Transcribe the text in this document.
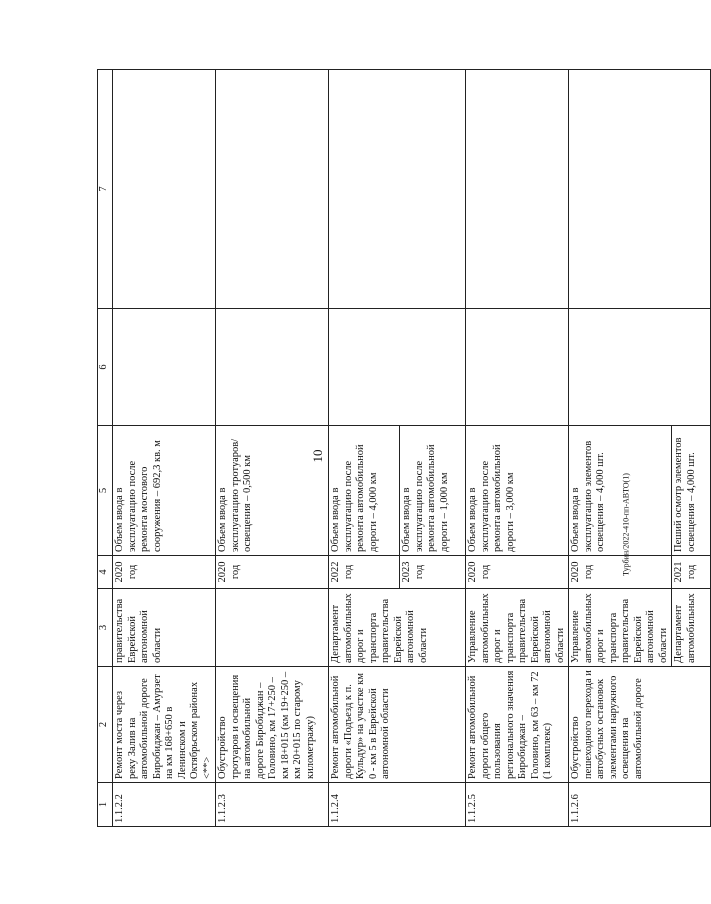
10
Турбин/2022-410-пп-АВТО(1)
1	2	3	4	5	6	7
1.1.2.2	Ремонт моста через реку Залив на автомобильной дороге Биробиджан – Амурзет на км 168+650 в Ленинском и Октябрьском районах <**>	правительства Еврейской автономной области	2020 год	Объем ввода в эксплуатацию после ремонта мостового сооружения – 692,3 кв. м		
1.1.2.3	Обустройство тротуаров и освещения на автомобильной дороге Биробиджан – Головино, км 17+250 – км 18+015 (км 19+250 – км 20+015 по старому километражу)		2020 год	Объем ввода в эксплуатацию тротуаров/освещения – 0,500 км		
1.1.2.4	Ремонт автомобильной дороги «Подъезд к п. Кульдур» на участке км 0 - км 5 в Еврейской автономной области	Департамент автомобильных дорог и транспорта правительства Еврейской автономной области	2022 год	Объем ввода в эксплуатацию после ремонта автомобильной дороги – 4,000 км		
			2023 год	Объем ввода в эксплуатацию после ремонта автомобильной дороги – 1,000 км		
1.1.2.5	Ремонт автомобильной дороги общего пользования регионального значения Биробиджан – Головино, км 63 – км 72 (1 комплекс)	Управление автомобильных дорог и транспорта правительства Еврейской автономной области	2020 год	Объем ввода в эксплуатацию после ремонта автомобильной дороги – 3,000 км		
1.1.2.6	Обустройство пешеходного перехода и автобусных остановок элементами наружного освещения на автомобильной дороге	Управление автомобильных дорог и транспорта правительства Еврейской автономной области	2020 год	Объем ввода в эксплуатацию элементов освещения – 4,000 шт.		
		Департамент автомобильных	2021 год	Пеший осмотр элементов освещения – 4,000 шт.		
